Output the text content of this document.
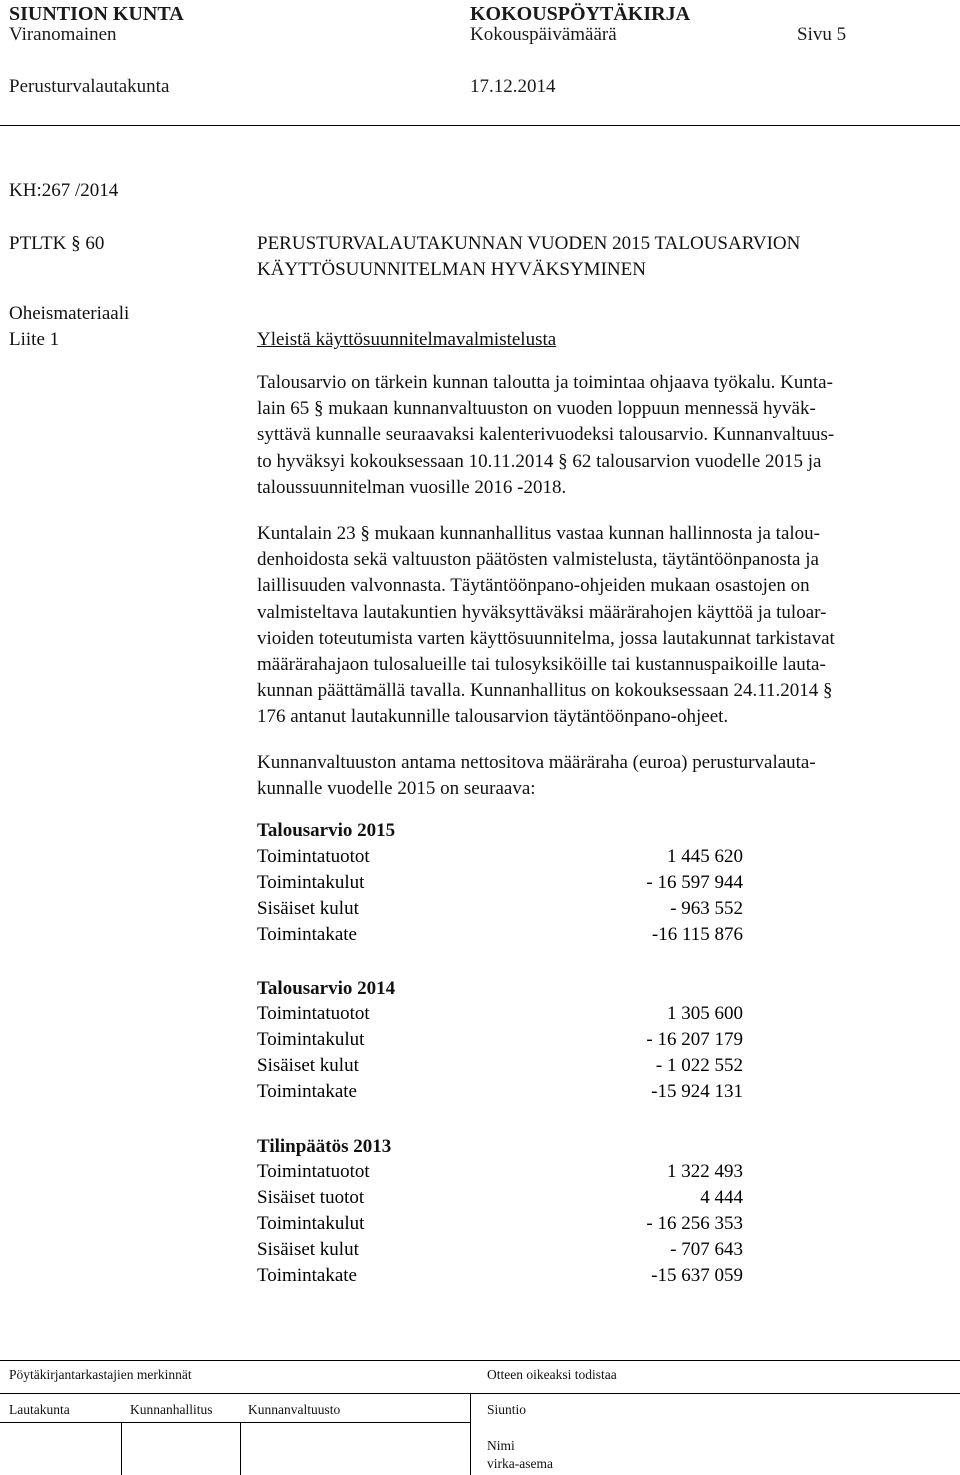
SIUNTION KUNTA	KOKOUSPÖYTÄKIRJA
Viranomainen	Kokouspäivämäärä	Sivu 5
Perusturvalautakunta	17.12.2014
KH:267 /2014
PTLTK § 60
Oheismateriaali
Liite 1
PERUSTURVALAUTAKUNNAN VUODEN 2015 TALOUSARVION
KÄYTTÖSUUNNITELMAN HYVÄKSYMINEN
Yleistä käyttösuunnitelmavalmistelusta
Talousarvio on tärkein kunnan taloutta ja toimintaa ohjaava työkalu. Kunta-
lain 65 § mukaan kunnanvaltuuston on vuoden loppuun mennessä hyväk-
syttävä kunnalle seuraavaksi kalenterivuodeksi talousarvio. Kunnanvaltuus-
to hyväksyi kokouksessaan 10.11.2014 § 62 talousarvion vuodelle 2015 ja
taloussuunnitelman vuosille 2016 -2018.
Kuntalain 23 § mukaan kunnanhallitus vastaa kunnan hallinnosta ja talou-
denhoidosta sekä valtuuston päätösten valmistelusta, täytäntöönpanosta ja
laillisuuden valvonnasta. Täytäntöönpano-ohjeiden mukaan osastojen on
valmisteltava lautakuntien hyväksyttäväksi määrärahojen käyttöä ja tuloar-
vioiden toteutumista varten käyttösuunnitelma, jossa lautakunnat tarkistavat
määrärahajaon tulosalueille tai tulosyksiköille tai kustannuspaikoille lauta-
kunnan päättämällä tavalla. Kunnanhallitus on kokouksessaan 24.11.2014 §
176 antanut lautakunnille talousarvion täytäntöönpano-ohjeet.
Kunnanvaltuuston antama nettositova määräraha (euroa) perusturvalauta-
kunnalle vuodelle 2015 on seuraava:
Talousarvio 2015
Toimintatuotot	1 445 620
Toimintakulut	- 16 597 944
Sisäiset kulut	- 963 552
Toimintakate	-16 115 876
Talousarvio 2014
Toimintatuotot	1 305 600
Toimintakulut	- 16 207 179
Sisäiset kulut	- 1 022 552
Toimintakate	-15 924 131
Tilinpäätös 2013
Toimintatuotot	1 322 493
Sisäiset tuotot	4 444
Toimintakulut	- 16 256 353
Sisäiset kulut	- 707 643
Toimintakate	-15 637 059
Pöytäkirjantarkastajien merkinnät	Otteen oikeaksi todistaa
Lautakunta	Kunnanhallitus	Kunnanvaltuusto	Siuntio
Nimi
virka-asema
